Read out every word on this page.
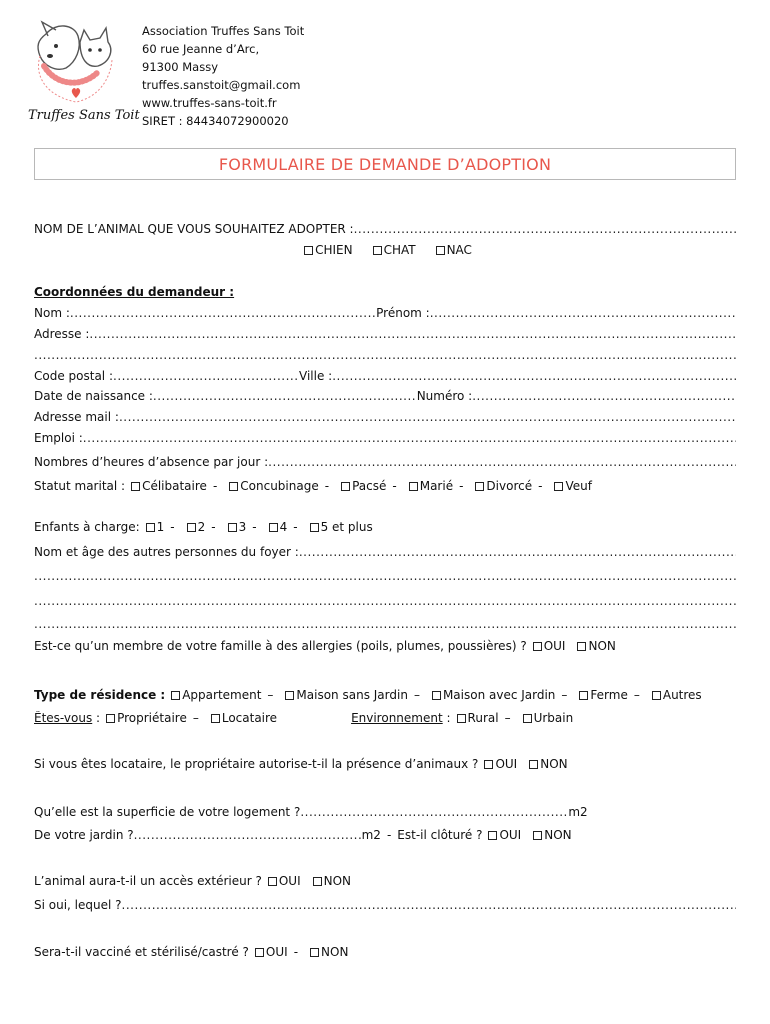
Truffes Sans Toit
Association Truffes Sans Toit
60 rue Jeanne d’Arc,
91300 Massy
truffes.sanstoit@gmail.com
www.truffes-sans-toit.fr
SIRET : 84434072900020
FORMULAIRE DE DEMANDE D’ADOPTION
NOM DE L’ANIMAL QUE VOUS SOUHAITEZ ADOPTER :
.....
CHIEN	CHAT	NAC
Coordonnées du demandeur :
Nom : .....	Prénom :
.....
Adresse :
.....
.....
Code postal : .....	Ville :
.....
Date de naissance : .....	Numéro :
.....
Adresse mail :
.....
Emploi :
.....
Nombres d’heures d’absence par jour :
.....
Statut marital :	Célibataire -	Concubinage -	Pacsé -	Marié -	Divorcé -	Veuf
Enfants à charge:	1 -	2 -	3 -	4 -	5 et plus
Nom et âge des autres personnes du foyer :
.....
.....
.....
.....
Est-ce qu’un membre de votre famille à des allergies (poils, plumes, poussières) ?	OUI	NON
Type de résidence :	Appartement –	Maison sans Jardin –	Maison avec Jardin –	Ferme –	Autres
Êtes-vous :	Propriétaire –	Locataire	Environnement :	Rural –	Urbain
Si vous êtes locataire, le propriétaire autorise-t-il la présence d’animaux ?	OUI	NON
Qu’elle est la superficie de votre logement ? .....	m2
De votre jardin ? .....	m2 - Est-il clôturé ?	OUI	NON
L’animal aura-t-il un accès extérieur ?	OUI	NON
Si oui, lequel ?
.....
Sera-t-il vacciné et stérilisé/castré ?	OUI -	NON
